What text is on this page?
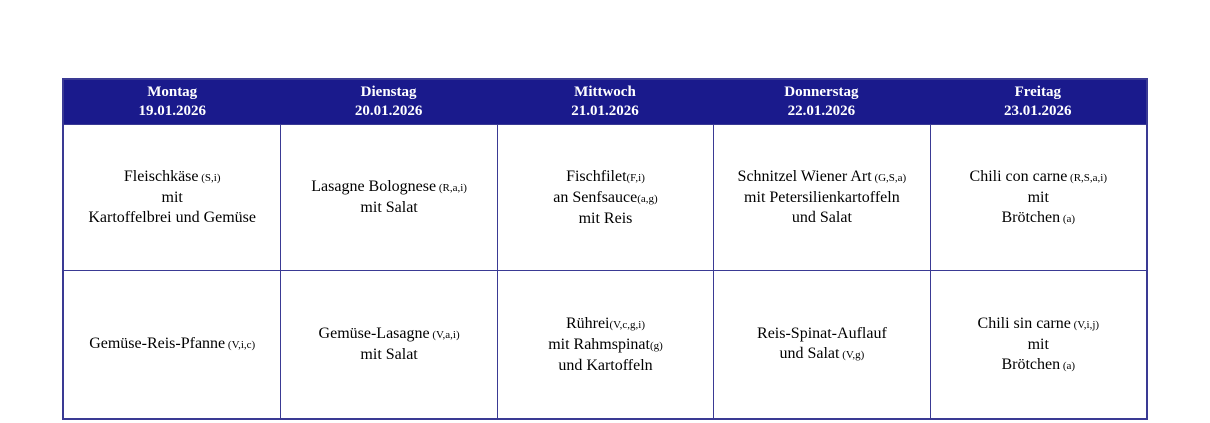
Montag
19.01.2026
Dienstag
20.01.2026
Mittwoch
21.01.2026
Donnerstag
22.01.2026
Freitag
23.01.2026
Fleischkäse (S,i)
mit
Kartoffelbrei und Gemüse
Lasagne Bolognese (R,a,i)
mit Salat
Fischfilet(F,i)
an Senfsauce(a,g)
mit Reis
Schnitzel Wiener Art (G,S,a)
mit Petersilienkartoffeln
und Salat
Chili con carne (R,S,a,i)
mit
Brötchen (a)
Gemüse-Reis-Pfanne (V,i,c)
Gemüse-Lasagne (V,a,i)
mit Salat
Rührei(V,c,g,i)
mit Rahmspinat(g)
und Kartoffeln
Reis-Spinat-Auflauf
und Salat (V,g)
Chili sin carne (V,i,j)
mit
Brötchen (a)
